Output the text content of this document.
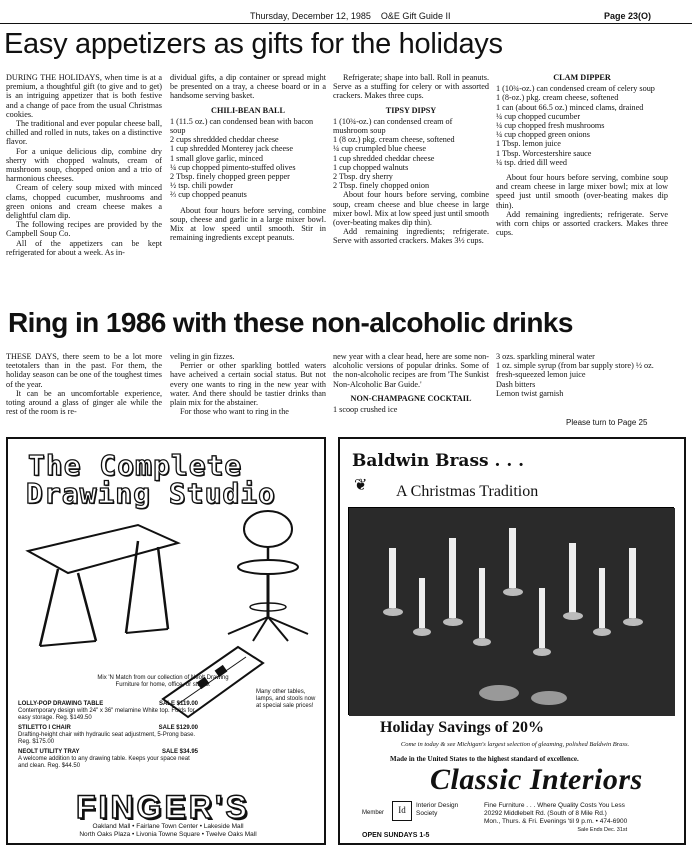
Thursday, December 12, 1985 O&E Gift Guide II	Page 23(O)
Easy appetizers as gifts for the holidays

DURING THE HOLIDAYS, when time is at a premium, a thoughtful gift (to give and to get) is an intriguing appetizer that is both festive and a change of pace from the usual Christmas cookies.

The traditional and ever popular cheese ball, chilled and rolled in nuts, takes on a distinctive flavor.

For a unique delicious dip, combine dry sherry with chopped walnuts, cream of mushroom soup, chopped onion and a trio of harmonious cheeses.

Cream of celery soup mixed with minced clams, chopped cucumber, mushrooms and green onions and cream cheese makes a delightful clam dip.

The following recipes are provided by the Campbell Soup Co.

All of the appetizers can be kept refrigerated for about a week. As in-

dividual gifts, a dip container or spread might be presented on a tray, a cheese board or in a handsome serving basket.

CHILI-BEAN BALL
1 (11.5 oz.) can condensed bean with bacon soup
2 cups shreddded cheddar cheese
1 cup shredded Monterey jack cheese
1 small glove garlic, minced
¼ cup chopped pimento-stuffed olives
2 Tbsp. finely chopped green pepper
½ tsp. chili powder
⅔ cup chopped peanuts

About four hours before serving, combine soup, cheese and garlic in a large mixer bowl. Mix at low speed until smooth. Stir in remaining ingredients except peanuts.

Refrigerate; shape into ball. Roll in peanuts. Serve as a stuffing for celery or with assorted crackers. Makes three cups.

TIPSY DIPSY
1 (10¾-oz.) can condensed cream of mushroom soup
1 (8 oz.) pkg. cream cheese, softened
¼ cup crumpled blue cheese
1 cup shredded cheddar cheese
1 cup chopped walnuts
2 Tbsp. dry sherry
2 Tbsp. finely chopped onion

About four hours before serving, combine soup, cream cheese and blue cheese in large mixer bowl. Mix at low speed just until smooth (over-beating makes dip thin).

Add remaining ingredients; refrigerate. Serve with assorted crackers. Makes 3½ cups.

CLAM DIPPER
1 (10¾-oz.) can condensed cream of celery soup
1 (8-oz.) pkg. cream cheese, softened
1 can (about 66.5 oz.) minced clams, drained
¼ cup chopped cucumber
¼ cup chopped fresh mushrooms
¼ cup chopped green onions
1 Tbsp. lemon juice
1 Tbsp. Worcestershire sauce
¼ tsp. dried dill weed

About four hours before serving, combine soup and cream cheese in large mixer bowl; mix at low speed just until smooth (over-beating makes dip thin).

Add remaining ingredients; refrigerate. Serve with corn chips or assorted crackers. Makes three cups.

Ring in 1986 with these non-alcoholic drinks

THESE DAYS, there seem to be a lot more teetotalers than in the past. For them, the holiday season can be one of the toughest times of the year.

It can be an uncomfortable experience, toting around a glass of ginger ale while the rest of the room is re-

veling in gin fizzes.

Perrier or other sparkling bottled waters have acheived a certain social status. But not every one wants to ring in the new year with water. And there should be tastier drinks than plain mix for the abstainer.

For those who want to ring in the

new year with a clear head, here are some non-alcoholic versions of popular drinks. Some of the non-alcoholic recipes are from 'The Sunkist Non-Alcoholic Bar Guide.'

NON-CHAMPAGNE COCKTAIL
1 scoop crushed ice
3 ozs. sparkling mineral water
1 oz. simple syrup (from bar supply store) ½ oz. fresh-squeezed lemon juice
Dash bitters
Lemon twist garnish
Please turn to Page 25
The Complete
Drawing Studio
Many other tables, lamps, and stools now at special sale prices!
Mix 'N Match from our collection of Neolt Drawing Furniture for home, office, or studio.
LOLLY-POP DRAWING TABLE	SALE $119.00
Contemporary design with 24" x 36" melamine White top. Folds for easy storage. Reg. $149.50
STILETTO I CHAIR	SALE $129.00
Drafting-height chair with hydraulic seat adjustment, 5-Prong base. Reg. $175.00
NEOLT UTILITY TRAY	SALE $34.95
A welcome addition to any drawing table. Keeps your space neat and clean. Reg. $44.50
FINGER'S
Oakland Mall • Fairlane Town Center • Lakeside Mall
North Oaks Plaza • Livonia Towne Square • Twelve Oaks Mall
Baldwin Brass . . .
❦ A Christmas Tradition
Holiday Savings of 20%
Come in today & see Michigan's largest selection of gleaming, polished Baldwin Brass.
Made in the United States to the highest standard of excellence.
Classic Interiors
Member	Id	Interior Design
Society
Fine Furniture . . . Where Quality Costs You Less
20292 Middlebelt Rd. (South of 8 Mile Rd.)
Mon., Thurs. & Fri. Evenings 'til 9 p.m. • 474-6900
Sale Ends Dec. 31st
OPEN SUNDAYS 1-5
